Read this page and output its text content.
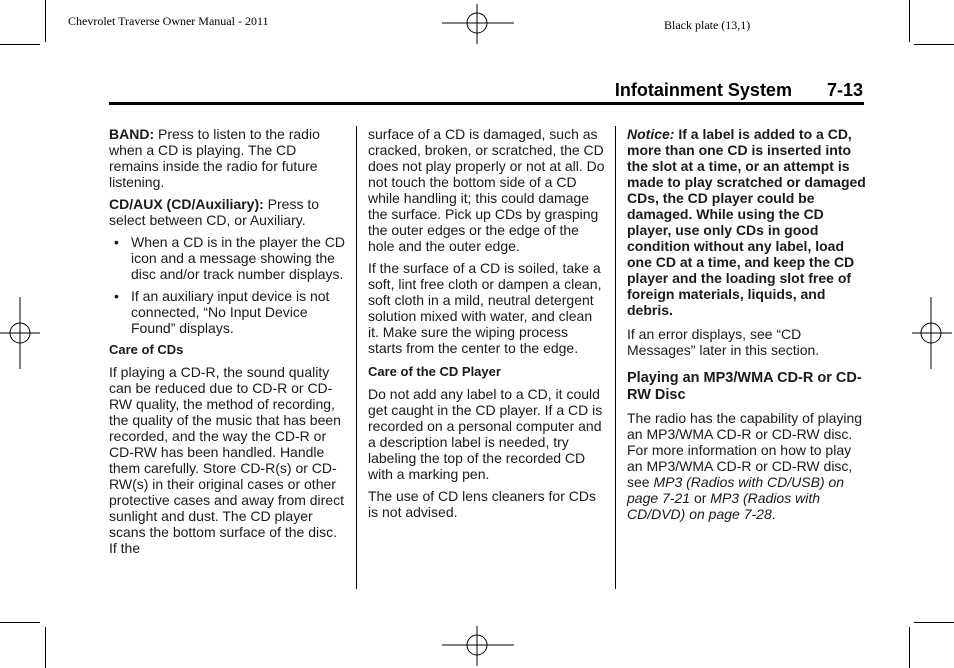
Chevrolet Traverse Owner Manual - 2011	Black plate (13,1)
Infotainment System 7-13

BAND: Press to listen to the radio when a CD is playing. The CD remains inside the radio for future listening.

CD/AUX (CD/Auxiliary): Press to select between CD, or Auxiliary.

• When a CD is in the player the CD icon and a message showing the disc and/or track number displays.
• If an auxiliary input device is not connected, “No Input Device Found” displays.

Care of CDs

If playing a CD-R, the sound quality can be reduced due to CD-R or CD-RW quality, the method of recording, the quality of the music that has been recorded, and the way the CD-R or CD-RW has been handled. Handle them carefully. Store CD-R(s) or CD-RW(s) in their original cases or other protective cases and away from direct sunlight and dust. The CD player scans the bottom surface of the disc. If the

surface of a CD is damaged, such as cracked, broken, or scratched, the CD does not play properly or not at all. Do not touch the bottom side of a CD while handling it; this could damage the surface. Pick up CDs by grasping the outer edges or the edge of the hole and the outer edge.

If the surface of a CD is soiled, take a soft, lint free cloth or dampen a clean, soft cloth in a mild, neutral detergent solution mixed with water, and clean it. Make sure the wiping process starts from the center to the edge.

Care of the CD Player

Do not add any label to a CD, it could get caught in the CD player. If a CD is recorded on a personal computer and a description label is needed, try labeling the top of the recorded CD with a marking pen.

The use of CD lens cleaners for CDs is not advised.

Notice: If a label is added to a CD, more than one CD is inserted into the slot at a time, or an attempt is made to play scratched or damaged CDs, the CD player could be damaged. While using the CD player, use only CDs in good condition without any label, load one CD at a time, and keep the CD player and the loading slot free of foreign materials, liquids, and debris.

If an error displays, see “CD Messages” later in this section.

Playing an MP3/WMA CD-R or CD-RW Disc

The radio has the capability of playing an MP3/WMA CD-R or CD-RW disc. For more information on how to play an MP3/WMA CD-R or CD-RW disc, see MP3 (Radios with CD/USB) on page 7‑21 or MP3 (Radios with CD/DVD) on page 7‑28.
